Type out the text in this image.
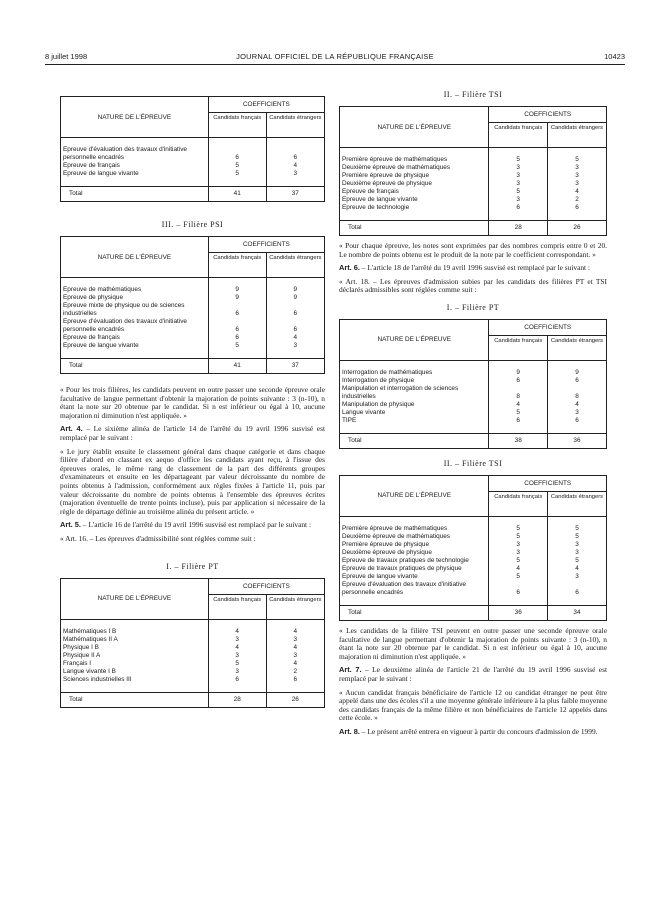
8 juillet 1998	JOURNAL OFFICIEL DE LA RÉPUBLIQUE FRANÇAISE	10423
NATURE DE L'ÉPREUVE	COEFFICIENTS	
	Candidats français	Candidats étrangers

Epreuve d'évaluation des travaux d'initiative personnelle encadrés	6	6
Epreuve de français	5	4
Epreuve de langue vivante	5	3

Total	41	37
III. – Filière PSI
NATURE DE L'ÉPREUVE	COEFFICIENTS	
	Candidats français	Candidats étrangers

Epreuve de mathématiques	9	9
Epreuve de physique	9	9
Epreuve mixte de physique ou de sciences industrielles	6	6
Epreuve d'évaluation des travaux d'initiative personnelle encadrés	6	6
Epreuve de français	6	4
Epreuve de langue vivante	5	3

Total	41	37

« Pour les trois filières, les candidats peuvent en outre passer une seconde épreuve orale facultative de langue permettant d'obtenir la majoration de points suivante : 3 (n-10), n étant la note sur 20 obtenue par le candidat. Si n est inférieur ou égal à 10, aucune majoration ni diminution n'est appliquée. »

Art. 4. – Le sixième alinéa de l'article 14 de l'arrêté du 19 avril 1996 susvisé est remplacé par le suivant :

« Le jury établit ensuite le classement général dans chaque catégorie et dans chaque filière d'abord en classant ex aequo d'office les candidats ayant reçu, à l'issue des épreuves orales, le même rang de classement de la part des différents groupes d'examinateurs et ensuite en les départageant par valeur décroissante du nombre de points obtenus à l'admission, conformément aux règles fixées à l'article 11, puis par valeur décroissante du nombre de points obtenus à l'ensemble des épreuves écrites (majoration éventuelle de trente points incluse), puis par application si nécessaire de la règle de départage définie au troisième alinéa du présent article. »

Art. 5. – L'article 16 de l'arrêté du 19 avril 1996 susvisé est remplacé par le suivant :

« Art. 16. – Les épreuves d'admissibilité sont réglées comme suit :

I. – Filière PT
NATURE DE L'ÉPREUVE	COEFFICIENTS	
	Candidats français	Candidats étrangers

Mathématiques I B	4	4
Mathématiques II A	3	3
Physique I B	4	4
Physique II A	3	3
Français I	5	4
Langue vivante I B	3	2
Sciences industrielles III	6	6

Total	28	26
II. – Filière TSI
NATURE DE L'ÉPREUVE	COEFFICIENTS	
	Candidats français	Candidats étrangers

Première épreuve de mathématiques	5	5
Deuxième épreuve de mathématiques	3	3
Première épreuve de physique	3	3
Deuxième épreuve de physique	3	3
Epreuve de français	5	4
Epreuve de langue vivante	3	2
Epreuve de technologie	6	6

Total	28	26

« Pour chaque épreuve, les notes sont exprimées par des nombres compris entre 0 et 20. Le nombre de points obtenu est le produit de la note par le coefficient correspondant. »

Art. 6. – L'article 18 de l'arrêté du 19 avril 1996 susvisé est remplacé par le suivant :

« Art. 18. – Les épreuves d'admission subies par les candidats des filières PT et TSI déclarés admissibles sont réglées comme suit :

I. – Filière PT
NATURE DE L'ÉPREUVE	COEFFICIENTS	
	Candidats français	Candidats étrangers

Interrogation de mathématiques	9	9
Interrogation de physique	6	6
Manipulation et interrogation de sciences industrielles	8	8
Manipulation de physique	4	4
Langue vivante	5	3
TIPE	6	6

Total	38	36
II. – Filière TSI
NATURE DE L'ÉPREUVE	COEFFICIENTS	
	Candidats français	Candidats étrangers

Première épreuve de mathématiques	5	5
Deuxième épreuve de mathématiques	5	5
Première épreuve de physique	3	3
Deuxième épreuve de physique	3	3
Epreuve de travaux pratiques de technologie	5	5
Epreuve de travaux pratiques de physique	4	4
Epreuve de langue vivante	5	3
Epreuve d'évaluation des travaux d'initiative personnelle encadrés	6	6

Total	36	34

« Les candidats de la filière TSI peuvent en outre passer une seconde épreuve orale facultative de langue permettant d'obtenir la majoration de points suivante : 3 (n-10), n étant la note sur 20 obtenue par le candidat. Si n est inférieur ou égal à 10, aucune majoration ni diminution n'est appliquée. »

Art. 7. – Le deuxième alinéa de l'article 21 de l'arrêté du 19 avril 1996 susvisé est remplacé par le suivant :

« Aucun candidat français bénéficiaire de l'article 12 ou candidat étranger ne peut être appelé dans une des écoles s'il a une moyenne générale inférieure à la plus faible moyenne des candidats français de la même filière et non bénéficiaires de l'article 12 appelés dans cette école. »

Art. 8. – Le présent arrêté entrera en vigueur à partir du concours d'admission de 1999.
